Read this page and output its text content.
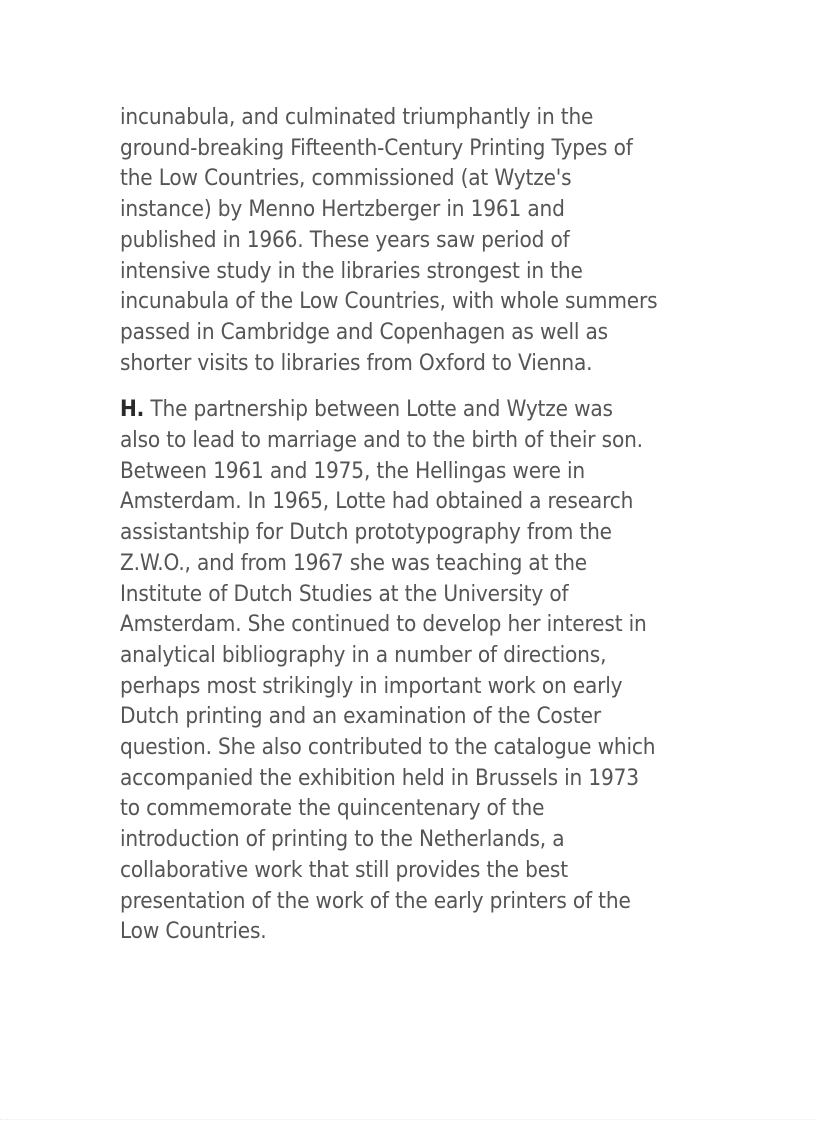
incunabula, and culminated triumphantly in the
ground-breaking Fifteenth-Century Printing Types of
the Low Countries, commissioned (at Wytze's
instance) by Menno Hertzberger in 1961 and
published in 1966. These years saw period of
intensive study in the libraries strongest in the
incunabula of the Low Countries, with whole summers
passed in Cambridge and Copenhagen as well as
shorter visits to libraries from Oxford to Vienna.
H. The partnership between Lotte and Wytze was
also to lead to marriage and to the birth of their son.
Between 1961 and 1975, the Hellingas were in
Amsterdam. In 1965, Lotte had obtained a research
assistantship for Dutch prototypography from the
Z.W.O., and from 1967 she was teaching at the
Institute of Dutch Studies at the University of
Amsterdam. She continued to develop her interest in
analytical bibliography in a number of directions,
perhaps most strikingly in important work on early
Dutch printing and an examination of the Coster
question. She also contributed to the catalogue which
accompanied the exhibition held in Brussels in 1973
to commemorate the quincentenary of the
introduction of printing to the Netherlands, a
collaborative work that still provides the best
presentation of the work of the early printers of the
Low Countries.
